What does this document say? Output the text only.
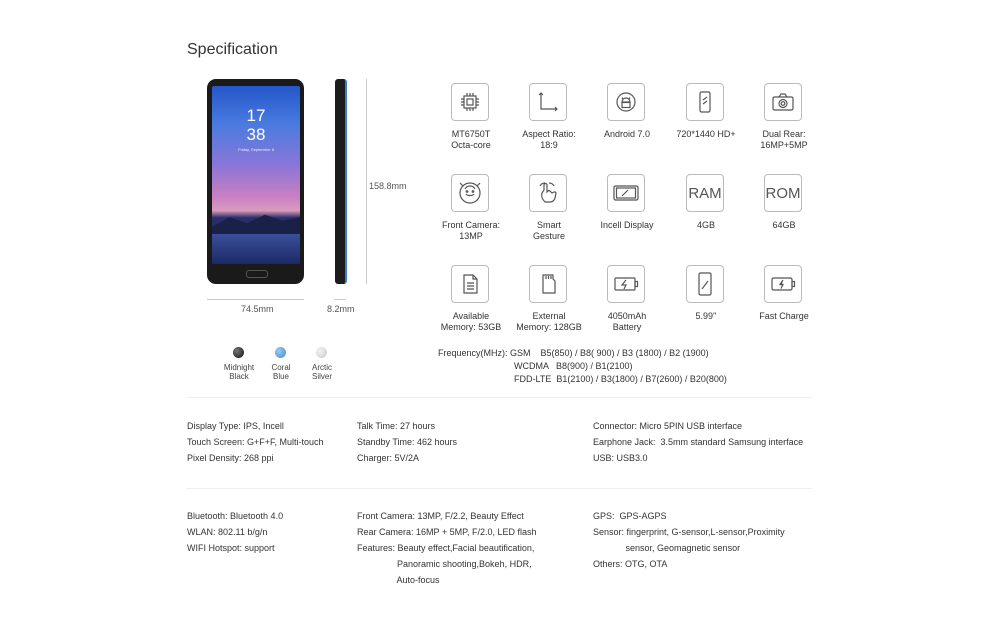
Specification
17
38
Friday, September 8
74.5mm	8.2mm
158.8mm
Midnight
Black
Coral
Blue
Arctic
Silver
MT6750T
Octa-core
Aspect Ratio:
18:9
Android 7.0	720*1440 HD+	Dual Rear:
16MP+5MP
Front Camera:
13MP
Smart
Gesture
Incell Display
RAM
4GB
ROM
64GB
Available
Memory: 53GB
External
Memory: 128GB
4050mAh
Battery
5.99''	Fast Charge
Frequency(MHz): GSM    B5(850) / B8( 900) / B3 (1800) / B2 (1900)
WCDMA   B8(900) / B1(2100)
FDD-LTE  B1(2100) / B3(1800) / B7(2600) / B20(800)
Display Type: IPS, Incell
Touch Screen: G+F+F, Multi-touch
Pixel Density: 268 ppi
Talk Time: 27 hours
Standby Time: 462 hours
Charger: 5V/2A
Connector: Micro 5PIN USB interface
Earphone Jack:  3.5mm standard Samsung interface
USB: USB3.0
Bluetooth: Bluetooth 4.0
WLAN: 802.11 b/g/n
WIFI Hotspot: support
Front Camera: 13MP, F/2.2, Beauty Effect
Rear Camera: 16MP + 5MP, F/2.0, LED flash
Features: Beauty effect,Facial beautification,
Panoramic shooting,Bokeh, HDR,
Auto-focus
GPS:  GPS-AGPS
Sensor: fingerprint, G-sensor,L-sensor,Proximity
sensor, Geomagnetic sensor
Others: OTG, OTA
